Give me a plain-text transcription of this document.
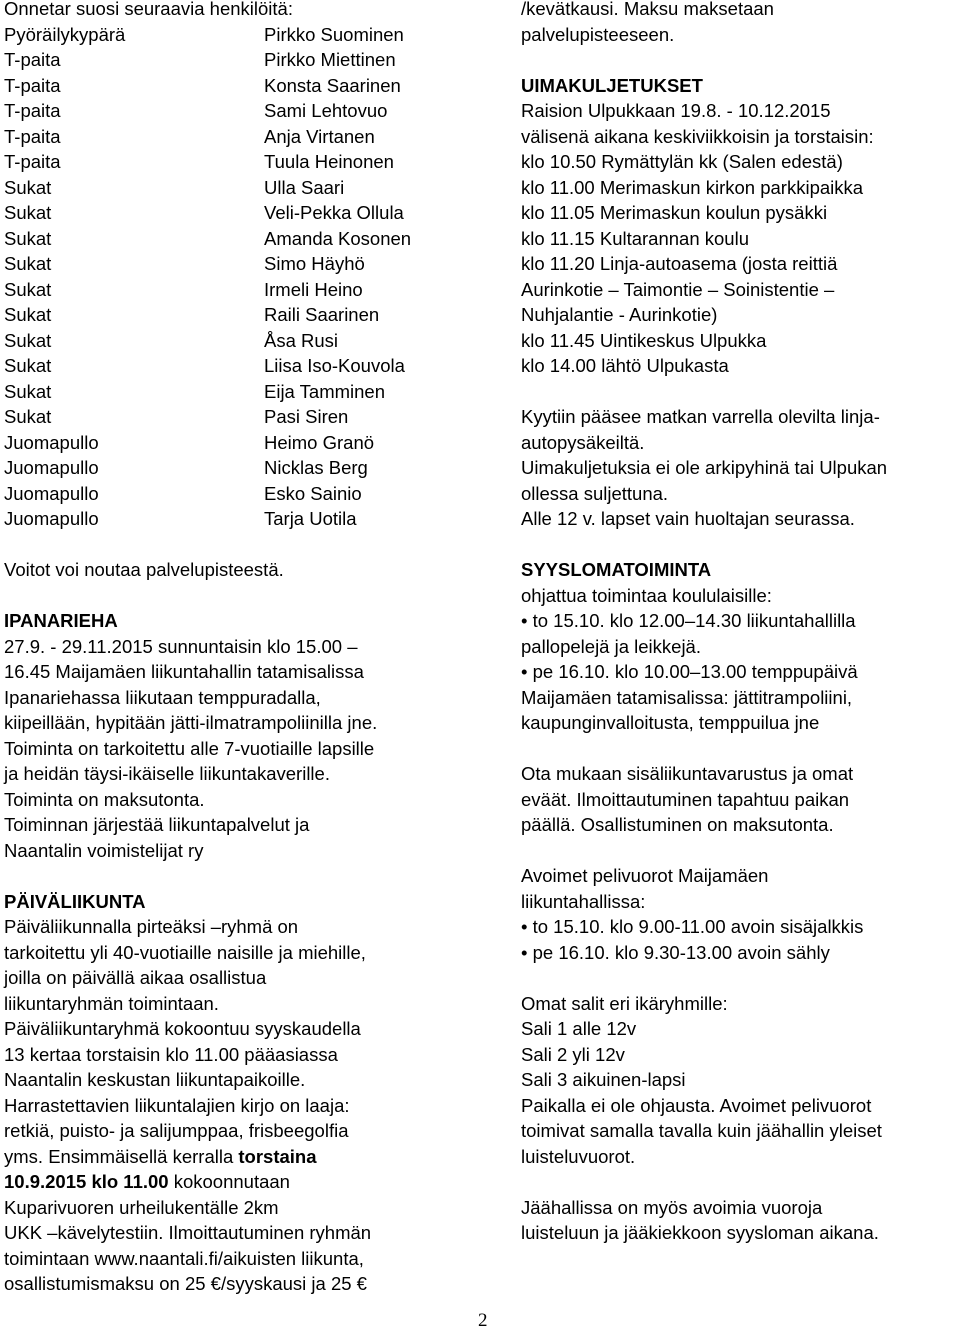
Onnetar suosi seuraavia henkilöitä:
Pyöräilykypärä	Pirkko Suominen
T-paita	Pirkko Miettinen
T-paita	Konsta Saarinen
T-paita	Sami Lehtovuo
T-paita	Anja Virtanen
T-paita	Tuula Heinonen
Sukat	Ulla Saari
Sukat	Veli-Pekka Ollula
Sukat	Amanda Kosonen
Sukat	Simo Häyhö
Sukat	Irmeli Heino
Sukat	Raili Saarinen
Sukat	Åsa Rusi
Sukat	Liisa Iso-Kouvola
Sukat	Eija Tamminen
Sukat	Pasi Siren
Juomapullo	Heimo Granö
Juomapullo	Nicklas Berg
Juomapullo	Esko Sainio
Juomapullo	Tarja Uotila
Voitot voi noutaa palvelupisteestä.
IPANARIEHA
27.9. - 29.11.2015 sunnuntaisin klo 15.00 –
16.45 Maijamäen liikuntahallin tatamisalissa
Ipanariehassa liikutaan temppuradalla,
kiipeillään, hypitään jätti-ilmatrampoliinilla jne.
Toiminta on tarkoitettu alle 7-vuotiaille lapsille
ja heidän täysi-ikäiselle liikuntakaverille.
Toiminta on maksutonta.
Toiminnan järjestää liikuntapalvelut ja
Naantalin voimistelijat ry
PÄIVÄLIIKUNTA
Päiväliikunnalla pirteäksi –ryhmä on
tarkoitettu yli 40-vuotiaille naisille ja miehille,
joilla on päivällä aikaa osallistua
liikuntaryhmän toimintaan.
Päiväliikuntaryhmä kokoontuu syyskaudella
13 kertaa torstaisin klo 11.00 pääasiassa
Naantalin keskustan liikuntapaikoille.
Harrastettavien liikuntalajien kirjo on laaja:
retkiä, puisto- ja salijumppaa, frisbeegolfia
yms. Ensimmäisellä kerralla torstaina
10.9.2015 klo 11.00 kokoonnutaan
Kuparivuoren urheilukentälle 2km
UKK –kävelytestiin. Ilmoittautuminen ryhmän
toimintaan www.naantali.fi/aikuisten liikunta,
osallistumismaksu on 25 €/syyskausi ja 25 €
/kevätkausi. Maksu maksetaan
palvelupisteeseen.
UIMAKULJETUKSET
Raision Ulpukkaan 19.8. - 10.12.2015
välisenä aikana keskiviikkoisin ja torstaisin:
klo 10.50 Rymättylän kk (Salen edestä)
klo 11.00 Merimaskun kirkon parkkipaikka
klo 11.05 Merimaskun koulun pysäkki
klo 11.15 Kultarannan koulu
klo 11.20 Linja-autoasema (josta reittiä
Aurinkotie – Taimontie – Soinistentie –
Nuhjalantie - Aurinkotie)
klo 11.45 Uintikeskus Ulpukka
klo 14.00 lähtö Ulpukasta
Kyytiin pääsee matkan varrella olevilta linja-
autopysäkeiltä.
Uimakuljetuksia ei ole arkipyhinä tai Ulpukan
ollessa suljettuna.
Alle 12 v. lapset vain huoltajan seurassa.
SYYSLOMATOIMINTA
ohjattua toimintaa koululaisille:
• to 15.10. klo 12.00–14.30 liikuntahallilla
pallopelejä ja leikkejä.
• pe 16.10. klo 10.00–13.00 temppupäivä
Maijamäen tatamisalissa: jättitrampoliini,
kaupunginvalloitusta, temppuilua jne
Ota mukaan sisäliikuntavarustus ja omat
eväät. Ilmoittautuminen tapahtuu paikan
päällä. Osallistuminen on maksutonta.
Avoimet pelivuorot Maijamäen
liikuntahallissa:
• to 15.10. klo 9.00-11.00 avoin sisäjalkkis
• pe 16.10. klo 9.30-13.00 avoin sähly
Omat salit eri ikäryhmille:
Sali 1 alle 12v
Sali 2 yli 12v
Sali 3 aikuinen-lapsi
Paikalla ei ole ohjausta. Avoimet pelivuorot
toimivat samalla tavalla kuin jäähallin yleiset
luisteluvuorot.
Jäähallissa on myös avoimia vuoroja
luisteluun ja jääkiekkoon syysloman aikana.
2
